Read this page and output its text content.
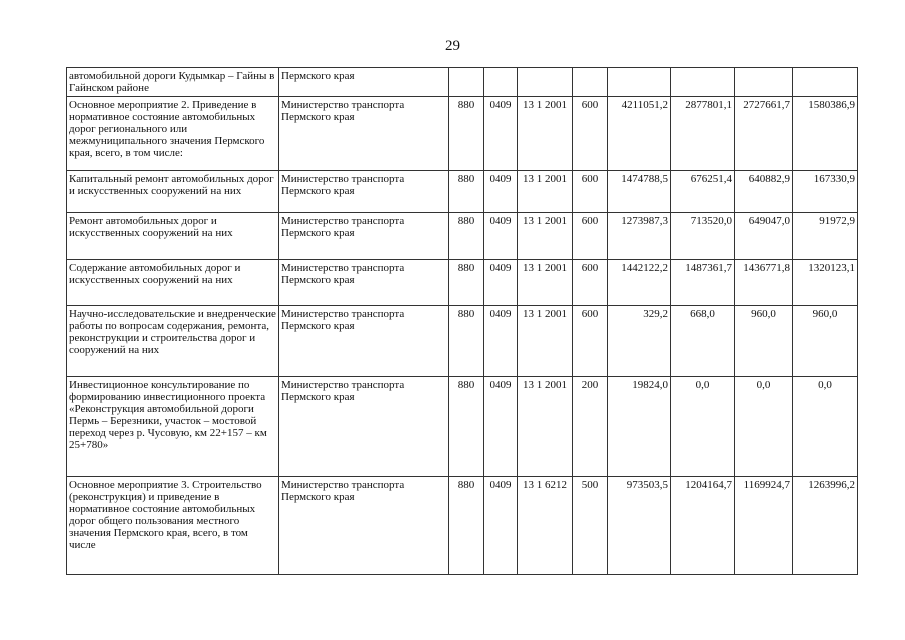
29
автомобильной дороги Кудымкар – Гайны в Гайнском районе	Пермского края								
Основное мероприятие 2. Приведение в нормативное состояние автомобильных дорог регионального или межмуниципального значения Пермского края, всего, в том числе:	Министерство транспорта Пермского края	880	0409	13 1 2001	600	4211051,2	2877801,1	2727661,7	1580386,9
Капитальный ремонт автомобильных дорог и искусственных сооружений на них	Министерство транспорта Пермского края	880	0409	13 1 2001	600	1474788,5	676251,4	640882,9	167330,9
Ремонт автомобильных дорог и искусственных сооружений на них	Министерство транспорта Пермского края	880	0409	13 1 2001	600	1273987,3	713520,0	649047,0	91972,9
Содержание автомобильных дорог и искусственных сооружений на них	Министерство транспорта Пермского края	880	0409	13 1 2001	600	1442122,2	1487361,7	1436771,8	1320123,1
Научно-исследовательские и внедренческие работы по вопросам содержания, ремонта, реконструкции и строительства дорог и сооружений на них	Министерство транспорта Пермского края	880	0409	13 1 2001	600	329,2	668,0	960,0	960,0
Инвестиционное консультирование по формированию инвестиционного проекта «Реконструкция автомобильной дороги Пермь – Березники, участок – мостовой переход через р. Чусовую, км 22+157 – км 25+780»	Министерство транспорта Пермского края	880	0409	13 1 2001	200	19824,0	0,0	0,0	0,0
Основное мероприятие 3. Строительство (реконструкция) и приведение в нормативное состояние автомобильных дорог общего пользования местного значения Пермского края, всего, в том числе	Министерство транспорта Пермского края	880	0409	13 1 6212	500	973503,5	1204164,7	1169924,7	1263996,2
